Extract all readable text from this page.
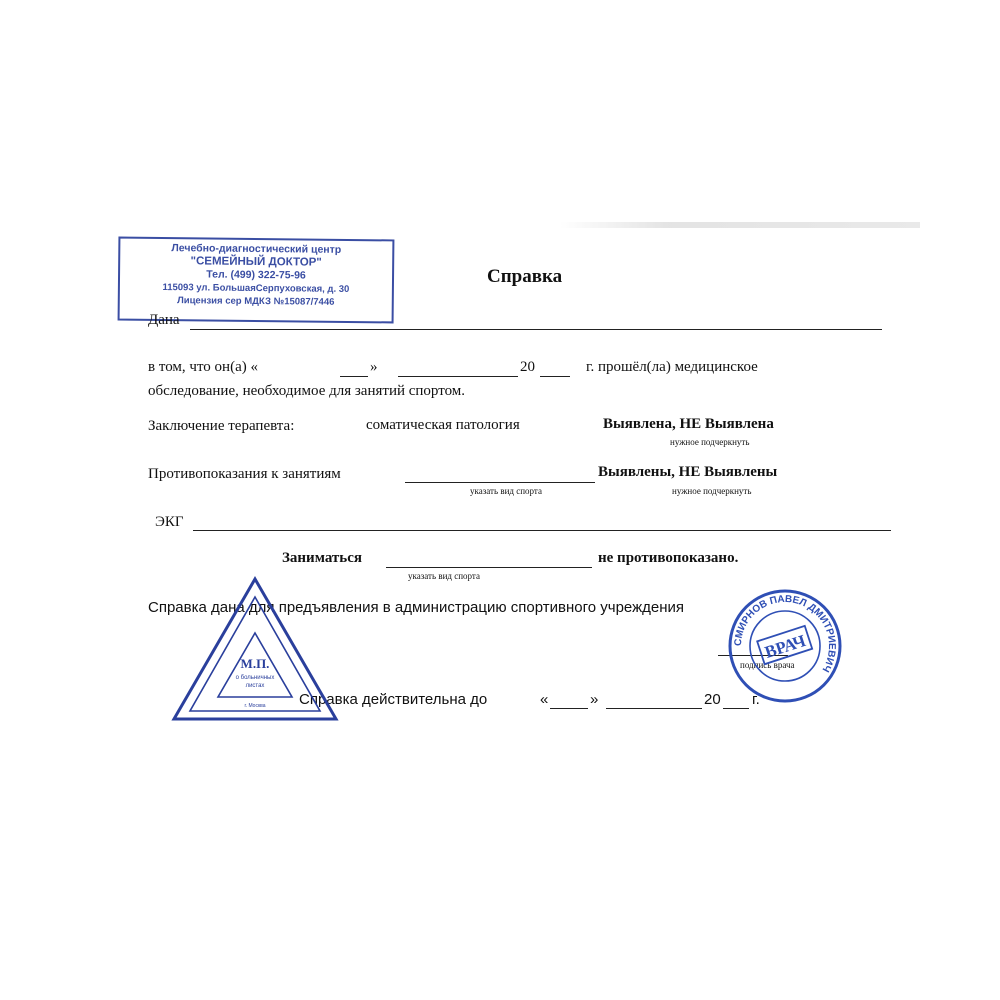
Лечебно-диагностический центр
"СЕМЕЙНЫЙ ДОКТОР"
Тел. (499) 322-75-96
115093 ул. БольшаяСерпуховская, д. 30
Лицензия сер МДКЗ №15087/7446
Справка
Дана
в том, что он(а) «	»	20	г. прошёл(ла) медицинское
обследование, необходимое для занятий спортом.
Заключение терапевта:	соматическая патология	Выявлена, НЕ Выявлена
нужное подчеркнуть
Противопоказания к занятиям
указать вид спорта
Выявлены, НЕ Выявлены
нужное подчеркнуть
ЭКГ
Заниматься
указать вид спорта
не противопоказано.
Справка дана для предъявления в администрацию спортивного учреждения
Справка действительна до	«	»	20 г.
подпись врача
М.П.
о больничных
листах
г. Москва
СМИРНОВ ПАВЕЛ ДМИТРИЕВИЧ
ВРАЧ
